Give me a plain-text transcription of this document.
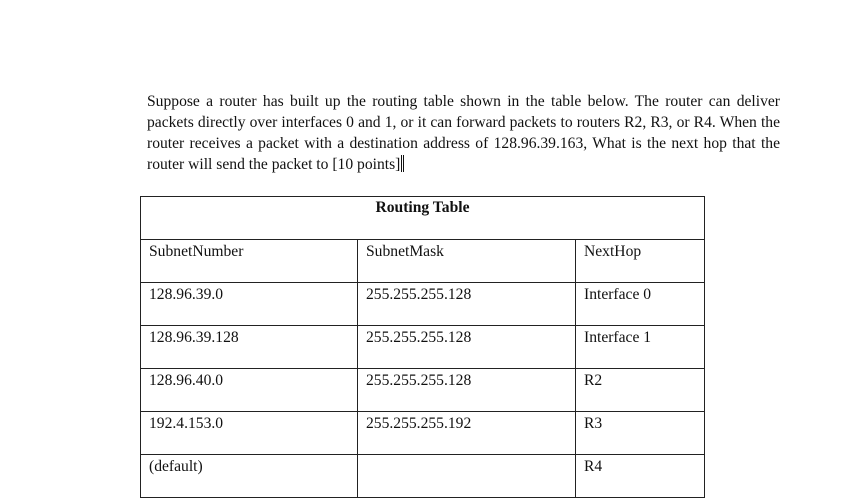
Suppose a router has built up the routing table shown in the table below. The router can deliver packets directly over interfaces 0 and 1, or it can forward packets to routers R2, R3, or R4. When the router receives a packet with a destination address of 128.96.39.163, What is the next hop that the router will send the packet to [10 points]

Routing Table		
SubnetNumber	SubnetMask	NextHop
128.96.39.0	255.255.255.128	Interface 0
128.96.39.128	255.255.255.128	Interface 1
128.96.40.0	255.255.255.128	R2
192.4.153.0	255.255.255.192	R3
(default)		R4
